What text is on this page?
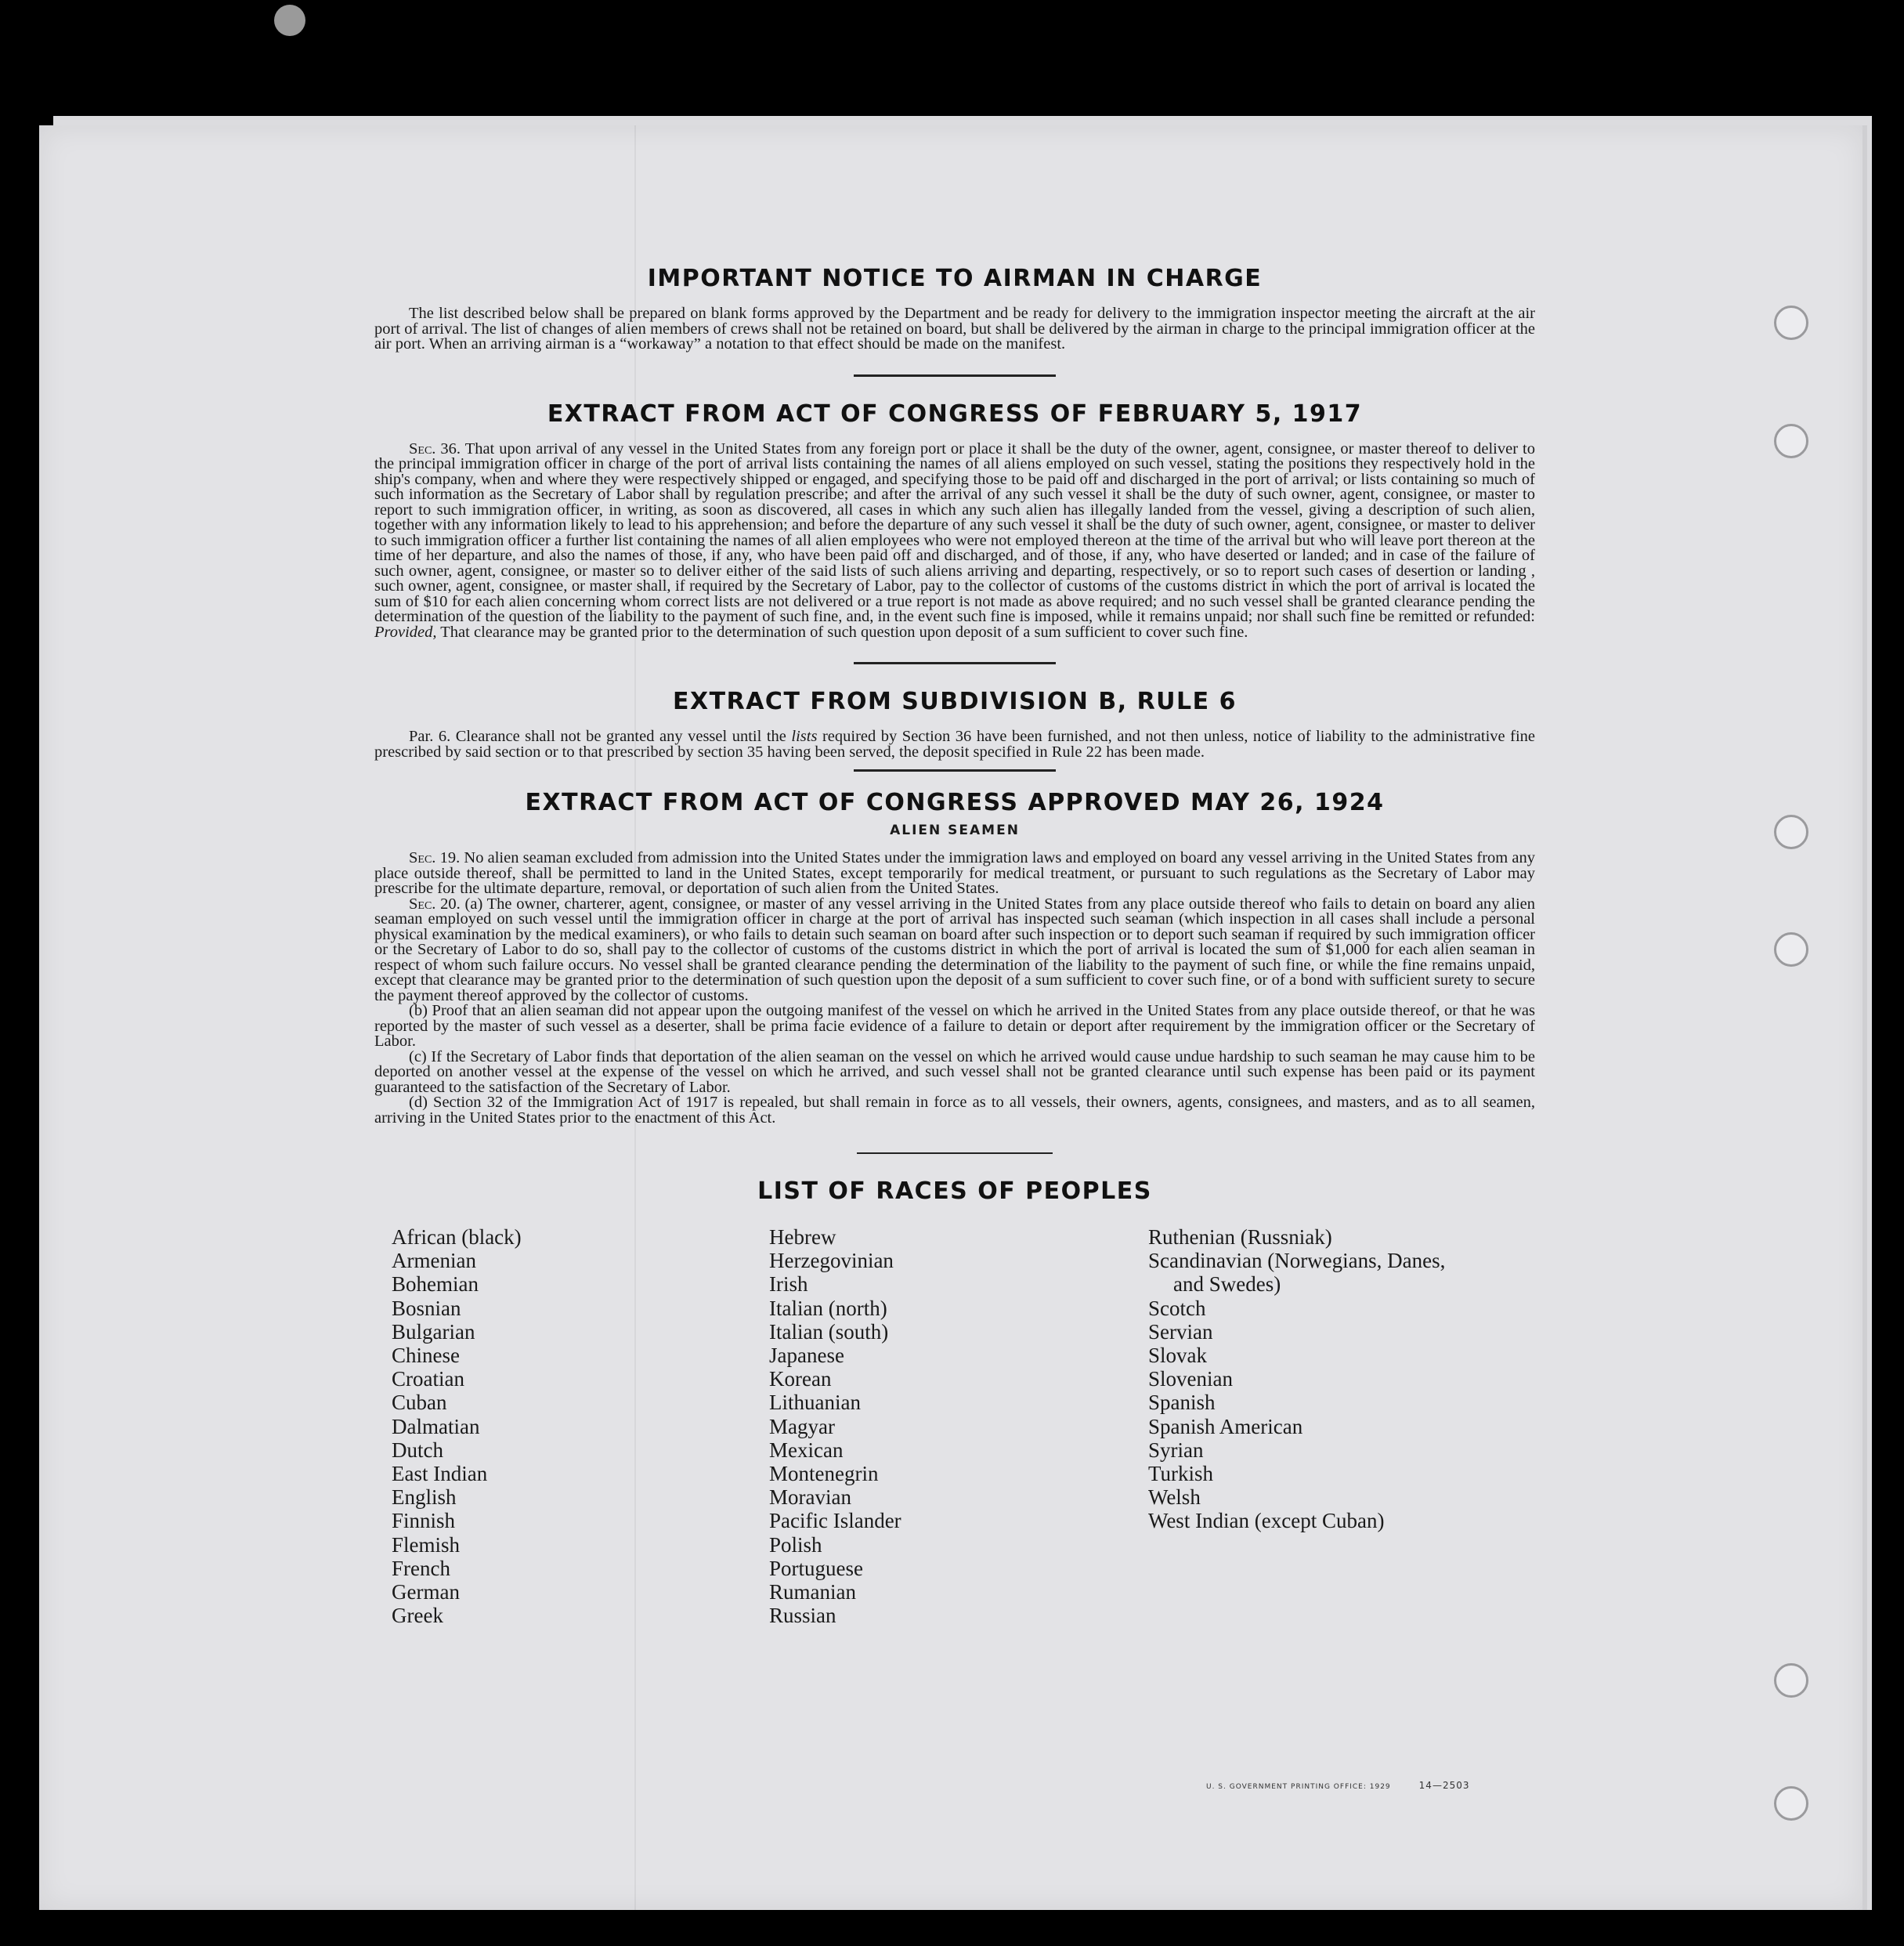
IMPORTANT NOTICE TO AIRMAN IN CHARGE

The list described below shall be prepared on blank forms approved by the Department and be ready for delivery to the immigration inspector meeting the aircraft at the air port of arrival. The list of changes of alien members of crews shall not be retained on board, but shall be delivered by the airman in charge to the principal immigration officer at the air port. When an arriving airman is a “workaway” a notation to that effect should be made on the manifest.

EXTRACT FROM ACT OF CONGRESS OF FEBRUARY 5, 1917

Sec. 36. That upon arrival of any vessel in the United States from any foreign port or place it shall be the duty of the owner, agent, consignee, or master thereof to deliver to the principal immigration officer in charge of the port of arrival lists containing the names of all aliens employed on such vessel, stating the positions they respectively hold in the ship's company, when and where they were respectively shipped or engaged, and specifying those to be paid off and discharged in the port of arrival; or lists containing so much of such information as the Secretary of Labor shall by regulation prescribe; and after the arrival of any such vessel it shall be the duty of such owner, agent, consignee, or master to report to such immigration officer, in writing, as soon as discovered, all cases in which any such alien has illegally landed from the vessel, giving a description of such alien, together with any information likely to lead to his apprehension; and before the departure of any such vessel it shall be the duty of such owner, agent, consignee, or master to deliver to such immigration officer a further list containing the names of all alien employees who were not employed thereon at the time of the arrival but who will leave port thereon at the time of her departure, and also the names of those, if any, who have been paid off and discharged, and of those, if any, who have deserted or landed; and in case of the failure of such owner, agent, consignee, or master so to deliver either of the said lists of such aliens arriving and departing, respectively, or so to report such cases of desertion or landing , such owner, agent, consignee, or master shall, if required by the Secretary of Labor, pay to the collector of customs of the customs district in which the port of arrival is located the sum of $10 for each alien concerning whom correct lists are not delivered or a true report is not made as above required; and no such vessel shall be granted clearance pending the determination of the question of the liability to the payment of such fine, and, in the event such fine is imposed, while it remains unpaid; nor shall such fine be remitted or refunded: Provided, That clearance may be granted prior to the determination of such question upon deposit of a sum sufficient to cover such fine.

EXTRACT FROM SUBDIVISION B, RULE 6

Par. 6. Clearance shall not be granted any vessel until the lists required by Section 36 have been furnished, and not then unless, notice of liability to the administrative fine prescribed by said section or to that prescribed by section 35 having been served, the deposit specified in Rule 22 has been made.

EXTRACT FROM ACT OF CONGRESS APPROVED MAY 26, 1924
ALIEN SEAMEN

Sec. 19. No alien seaman excluded from admission into the United States under the immigration laws and employed on board any vessel arriving in the United States from any place outside thereof, shall be permitted to land in the United States, except temporarily for medical treatment, or pursuant to such regulations as the Secretary of Labor may prescribe for the ultimate departure, removal, or deportation of such alien from the United States.

Sec. 20. (a) The owner, charterer, agent, consignee, or master of any vessel arriving in the United States from any place outside thereof who fails to detain on board any alien seaman employed on such vessel until the immigration officer in charge at the port of arrival has inspected such seaman (which inspection in all cases shall include a personal physical examination by the medical examiners), or who fails to detain such seaman on board after such inspection or to deport such seaman if required by such immigration officer or the Secretary of Labor to do so, shall pay to the collector of customs of the customs district in which the port of arrival is located the sum of $1,000 for each alien seaman in respect of whom such failure occurs. No vessel shall be granted clearance pending the determination of the liability to the payment of such fine, or while the fine remains unpaid, except that clearance may be granted prior to the determination of such question upon the deposit of a sum sufficient to cover such fine, or of a bond with sufficient surety to secure the payment thereof approved by the collector of customs.

(b) Proof that an alien seaman did not appear upon the outgoing manifest of the vessel on which he arrived in the United States from any place outside thereof, or that he was reported by the master of such vessel as a deserter, shall be prima facie evidence of a failure to detain or deport after requirement by the immigration officer or the Secretary of Labor.

(c) If the Secretary of Labor finds that deportation of the alien seaman on the vessel on which he arrived would cause undue hardship to such seaman he may cause him to be deported on another vessel at the expense of the vessel on which he arrived, and such vessel shall not be granted clearance until such expense has been paid or its payment guaranteed to the satisfaction of the Secretary of Labor.

(d) Section 32 of the Immigration Act of 1917 is repealed, but shall remain in force as to all vessels, their owners, agents, consignees, and masters, and as to all seamen, arriving in the United States prior to the enactment of this Act.

LIST OF RACES OF PEOPLES
African (black)
Armenian
Bohemian
Bosnian
Bulgarian
Chinese
Croatian
Cuban
Dalmatian
Dutch
East Indian
English
Finnish
Flemish
French
German
Greek
Hebrew
Herzegovinian
Irish
Italian (north)
Italian (south)
Japanese
Korean
Lithuanian
Magyar
Mexican
Montenegrin
Moravian
Pacific Islander
Polish
Portuguese
Rumanian
Russian
Ruthenian (Russniak)
Scandinavian (Norwegians, Danes,
and Swedes)
Scotch
Servian
Slovak
Slovenian
Spanish
Spanish American
Syrian
Turkish
Welsh
West Indian (except Cuban)
U. S. GOVERNMENT PRINTING OFFICE: 1929	14—2503
